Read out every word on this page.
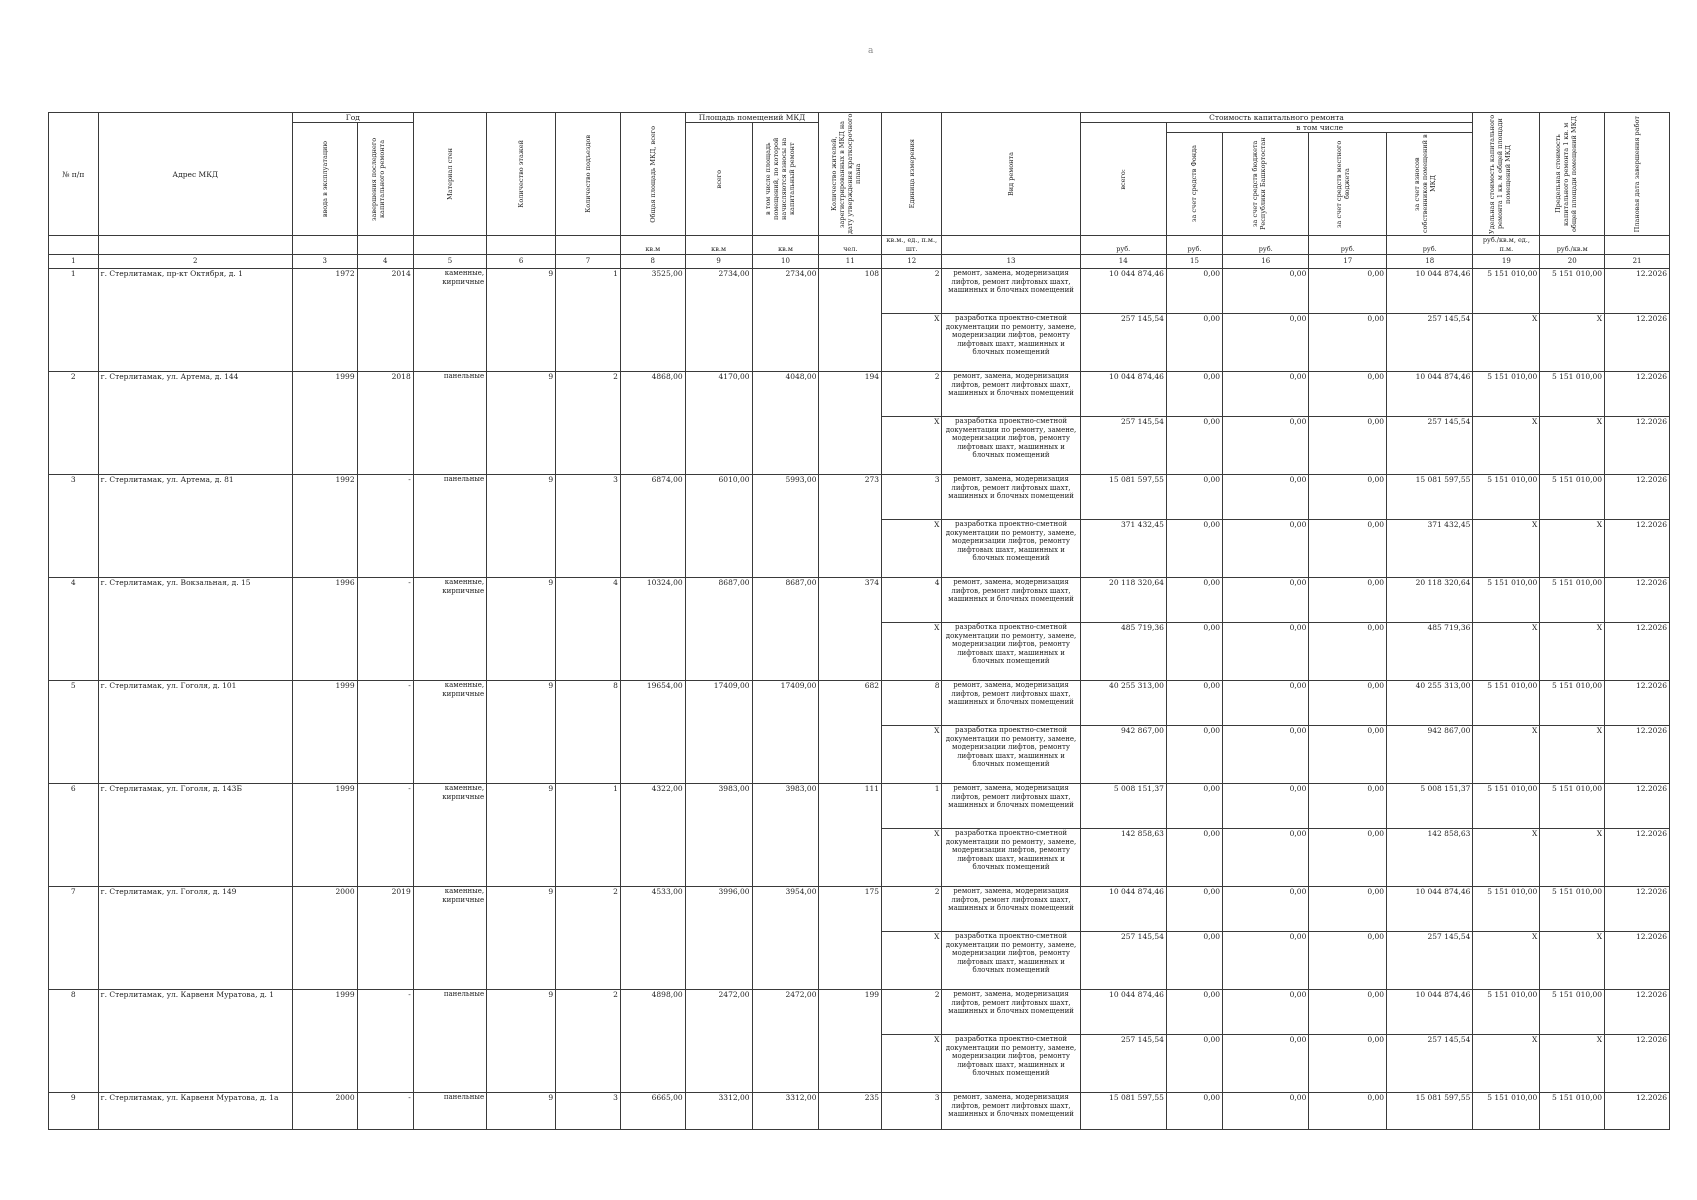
а
№ п/п	Адрес МКД	Год		Материал стен	Количество этажей	Количество подъездов	Общая площадь МКД, всего	Площадь помещений МКД		Количество жителей, зарегистрированных в МКД на дату утверждения краткосрочного плана	Единица измерения	Вид ремонта	Стоимость капитального ремонта					Удельная стоимость капитального ремонта 1 кв. м общей площади помещений МКД	Предельная стоимость капитального ремонта 1 кв. м общей площади помещений МКД	Плановая дата завершения работ

		ввода в эксплуатацию	завершения последнего капитального ремонта					всего	в том числе площадь помещений, по которой начисляются взносы на капитальный ремонт				всего:	в том числе						

														за счет средств Фонда	за счет средств бюджета Республики Башкортостан	за счет средств местного бюджета	за счет взносов собственников помещений в МКД			

							кв.м	кв.м	кв.м	чел.	кв.м., ед., п.м., шт.		руб.	руб.	руб.	руб.	руб.	руб./кв.м, ед., п.м.	руб./кв.м	
1	2	3	4	5	6	7	8	9	10	11	12	13	14	15	16	17	18	19	20	21
1	г. Стерлитамак, пр-кт Октября, д. 1	1972	2014	каменные, кирпичные	9	1	3525,00	2734,00	2734,00	108	2	ремонт, замена, модернизация лифтов, ремонт лифтовых шахт, машинных и блочных помещений	10 044 874,46	0,00	0,00	0,00	10 044 874,46	5 151 010,00	5 151 010,00	12.2026
											X	разработка проектно-сметной документации по ремонту, замене, модернизации лифтов, ремонту лифтовых шахт, машинных и блочных помещений	257 145,54	0,00	0,00	0,00	257 145,54	X	X	12.2026
2	г. Стерлитамак, ул. Артема, д. 144	1999	2018	панельные	9	2	4868,00	4170,00	4048,00	194	2	ремонт, замена, модернизация лифтов, ремонт лифтовых шахт, машинных и блочных помещений	10 044 874,46	0,00	0,00	0,00	10 044 874,46	5 151 010,00	5 151 010,00	12.2026
											X	разработка проектно-сметной документации по ремонту, замене, модернизации лифтов, ремонту лифтовых шахт, машинных и блочных помещений	257 145,54	0,00	0,00	0,00	257 145,54	X	X	12.2026
3	г. Стерлитамак, ул. Артема, д. 81	1992	-	панельные	9	3	6874,00	6010,00	5993,00	273	3	ремонт, замена, модернизация лифтов, ремонт лифтовых шахт, машинных и блочных помещений	15 081 597,55	0,00	0,00	0,00	15 081 597,55	5 151 010,00	5 151 010,00	12.2026
											X	разработка проектно-сметной документации по ремонту, замене, модернизации лифтов, ремонту лифтовых шахт, машинных и блочных помещений	371 432,45	0,00	0,00	0,00	371 432,45	X	X	12.2026
4	г. Стерлитамак, ул. Вокзальная, д. 15	1996	-	каменные, кирпичные	9	4	10324,00	8687,00	8687,00	374	4	ремонт, замена, модернизация лифтов, ремонт лифтовых шахт, машинных и блочных помещений	20 118 320,64	0,00	0,00	0,00	20 118 320,64	5 151 010,00	5 151 010,00	12.2026
											X	разработка проектно-сметной документации по ремонту, замене, модернизации лифтов, ремонту лифтовых шахт, машинных и блочных помещений	485 719,36	0,00	0,00	0,00	485 719,36	X	X	12.2026
5	г. Стерлитамак, ул. Гоголя, д. 101	1999	-	каменные, кирпичные	9	8	19654,00	17409,00	17409,00	682	8	ремонт, замена, модернизация лифтов, ремонт лифтовых шахт, машинных и блочных помещений	40 255 313,00	0,00	0,00	0,00	40 255 313,00	5 151 010,00	5 151 010,00	12.2026
											X	разработка проектно-сметной документации по ремонту, замене, модернизации лифтов, ремонту лифтовых шахт, машинных и блочных помещений	942 867,00	0,00	0,00	0,00	942 867,00	X	X	12.2026
6	г. Стерлитамак, ул. Гоголя, д. 143Б	1999	-	каменные, кирпичные	9	1	4322,00	3983,00	3983,00	111	1	ремонт, замена, модернизация лифтов, ремонт лифтовых шахт, машинных и блочных помещений	5 008 151,37	0,00	0,00	0,00	5 008 151,37	5 151 010,00	5 151 010,00	12.2026
											X	разработка проектно-сметной документации по ремонту, замене, модернизации лифтов, ремонту лифтовых шахт, машинных и блочных помещений	142 858,63	0,00	0,00	0,00	142 858,63	X	X	12.2026
7	г. Стерлитамак, ул. Гоголя, д. 149	2000	2019	каменные, кирпичные	9	2	4533,00	3996,00	3954,00	175	2	ремонт, замена, модернизация лифтов, ремонт лифтовых шахт, машинных и блочных помещений	10 044 874,46	0,00	0,00	0,00	10 044 874,46	5 151 010,00	5 151 010,00	12.2026
											X	разработка проектно-сметной документации по ремонту, замене, модернизации лифтов, ремонту лифтовых шахт, машинных и блочных помещений	257 145,54	0,00	0,00	0,00	257 145,54	X	X	12.2026
8	г. Стерлитамак, ул. Карвеня Муратова, д. 1	1999	-	панельные	9	2	4898,00	2472,00	2472,00	199	2	ремонт, замена, модернизация лифтов, ремонт лифтовых шахт, машинных и блочных помещений	10 044 874,46	0,00	0,00	0,00	10 044 874,46	5 151 010,00	5 151 010,00	12.2026
											X	разработка проектно-сметной документации по ремонту, замене, модернизации лифтов, ремонту лифтовых шахт, машинных и блочных помещений	257 145,54	0,00	0,00	0,00	257 145,54	X	X	12.2026
9	г. Стерлитамак, ул. Карвеня Муратова, д. 1а	2000	-	панельные	9	3	6665,00	3312,00	3312,00	235	3	ремонт, замена, модернизация лифтов, ремонт лифтовых шахт, машинных и блочных помещений	15 081 597,55	0,00	0,00	0,00	15 081 597,55	5 151 010,00	5 151 010,00	12.2026
